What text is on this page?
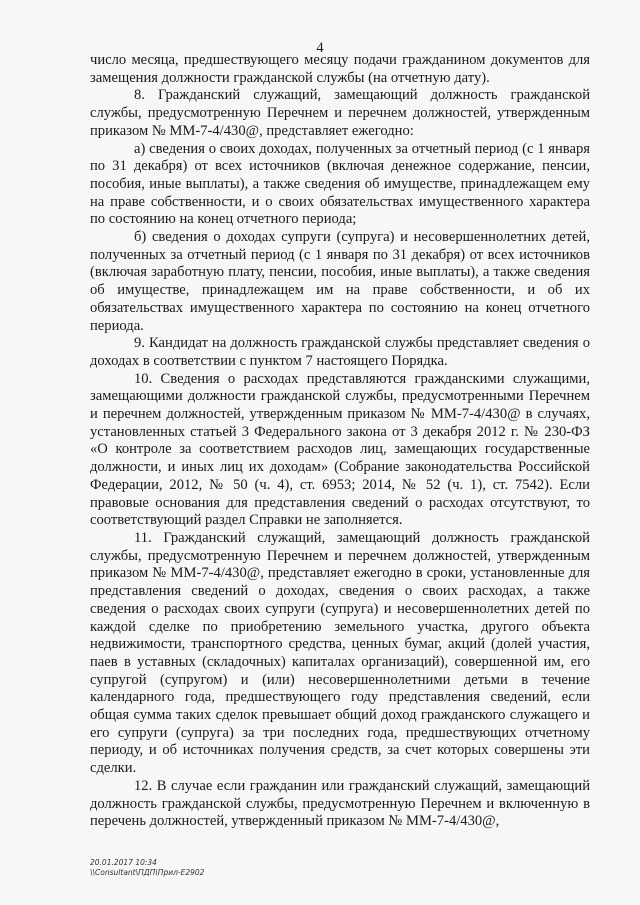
4

число месяца, предшествующего месяцу подачи гражданином документов для замещения должности гражданской службы (на отчетную дату).

8. Гражданский служащий, замещающий должность гражданской службы, предусмотренную Перечнем и перечнем должностей, утвержденным приказом № ММ-7-4/430@, представляет ежегодно:

а) сведения о своих доходах, полученных за отчетный период (с 1 января по 31 декабря) от всех источников (включая денежное содержание, пенсии, пособия, иные выплаты), а также сведения об имуществе, принадлежащем ему на праве собственности, и о своих обязательствах имущественного характера по состоянию на конец отчетного периода;

б) сведения о доходах супруги (супруга) и несовершеннолетних детей, полученных за отчетный период (с 1 января по 31 декабря) от всех источников (включая заработную плату, пенсии, пособия, иные выплаты), а также сведения об имуществе, принадлежащем им на праве собственности, и об их обязательствах имущественного характера по состоянию на конец отчетного периода.

9. Кандидат на должность гражданской службы представляет сведения о доходах в соответствии с пунктом 7 настоящего Порядка.

10. Сведения о расходах представляются гражданскими служащими, замещающими должности гражданской службы, предусмотренными Перечнем и перечнем должностей, утвержденным приказом № ММ-7-4/430@ в случаях, установленных статьей 3 Федерального закона от 3 декабря 2012 г. № 230-ФЗ «О контроле за соответствием расходов лиц, замещающих государственные должности, и иных лиц их доходам» (Собрание законодательства Российской Федерации, 2012, № 50 (ч. 4), ст. 6953; 2014, № 52 (ч. 1), ст. 7542). Если правовые основания для представления сведений о расходах отсутствуют, то соответствующий раздел Справки не заполняется.

11. Гражданский служащий, замещающий должность гражданской службы, предусмотренную Перечнем и перечнем должностей, утвержденным приказом № ММ-7-4/430@, представляет ежегодно в сроки, установленные для представления сведений о доходах, сведения о своих расходах, а также сведения о расходах своих супруги (супруга) и несовершеннолетних детей по каждой сделке по приобретению земельного участка, другого объекта недвижимости, транспортного средства, ценных бумаг, акций (долей участия, паев в уставных (складочных) капиталах организаций), совершенной им, его супругой (супругом) и (или) несовершеннолетними детьми в течение календарного года, предшествующего году представления сведений, если общая сумма таких сделок превышает общий доход гражданского служащего и его супруги (супруга) за три последних года, предшествующих отчетному периоду, и об источниках получения средств, за счет которых совершены эти сделки.

12. В случае если гражданин или гражданский служащий, замещающий должность гражданской службы, предусмотренную Перечнем и включенную в перечень должностей, утвержденный приказом № ММ-7-4/430@,

20.01.2017 10:34
\\Consultant\ПДП\Прил-Е2902
